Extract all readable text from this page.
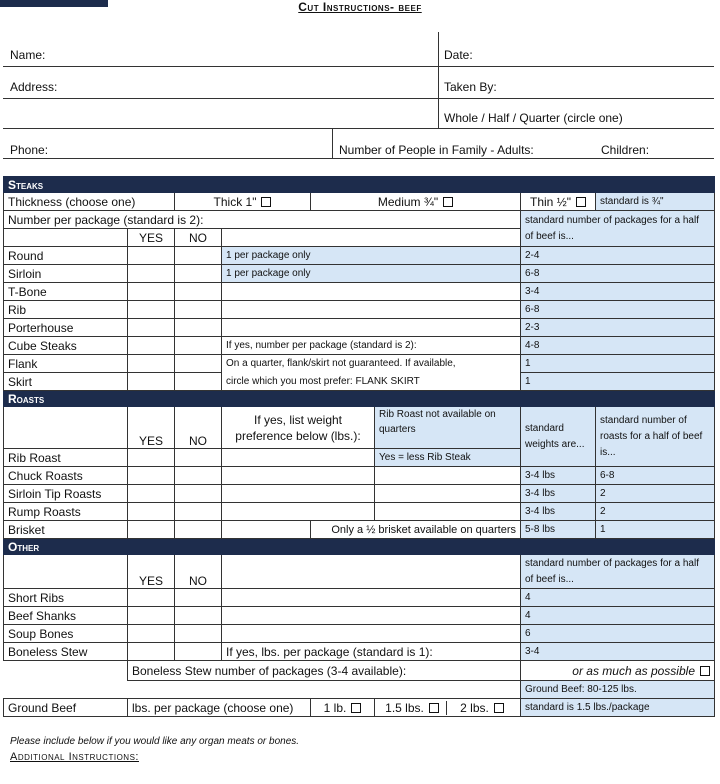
Cut Instructions- beef
Name:	Date:
Address:	Taken By:
Whole / Half / Quarter (circle one)
Phone:	Number of People in Family - Adults:	Children:
Steaks							
Thickness (choose one)		Thick 1"		Medium ¾"		Thin ½"	standard is ¾"
Number per package (standard is 2):						standard number of packages for a half of beef is...	
	YES	NO					
Round			1 per package only			2-4	
Sirloin			1 per package only			6-8	
T-Bone						3-4	
Rib						6-8	
Porterhouse						2-3	
Cube Steaks			If yes, number per package (standard is 2):			4-8	
Flank			On a quarter, flank/skirt not guaranteed. If available,			1	
Skirt			circle which you most prefer: FLANK SKIRT			1	
Roasts							
	YES	NO	If yes, list weight preference below (lbs.):		Rib Roast not available on quarters	standard weights are...	standard number of roasts for a half of beef is...
Rib Roast					Yes = less Rib Steak		
Chuck Roasts						3-4 lbs	6-8
Sirloin Tip Roasts						3-4 lbs	2
Rump Roasts						3-4 lbs	2
Brisket				Only a ½ brisket available on quarters		5-8 lbs	1
Other							
	YES	NO				standard number of packages for a half of beef is...	
Short Ribs						4	
Beef Shanks						4	
Soup Bones						6	
Boneless Stew			If yes, lbs. per package (standard is 1):			3-4	
	Boneless Stew number of packages (3-4 available):					or as much as possible	
						Ground Beef: 80-125 lbs.	
Ground Beef	lbs. per package (choose one)			1 lb.	1.5 lbs. 2 lbs.	standard is 1.5 lbs./package	
Please include below if you would like any organ meats or bones.
Additional Instructions:
